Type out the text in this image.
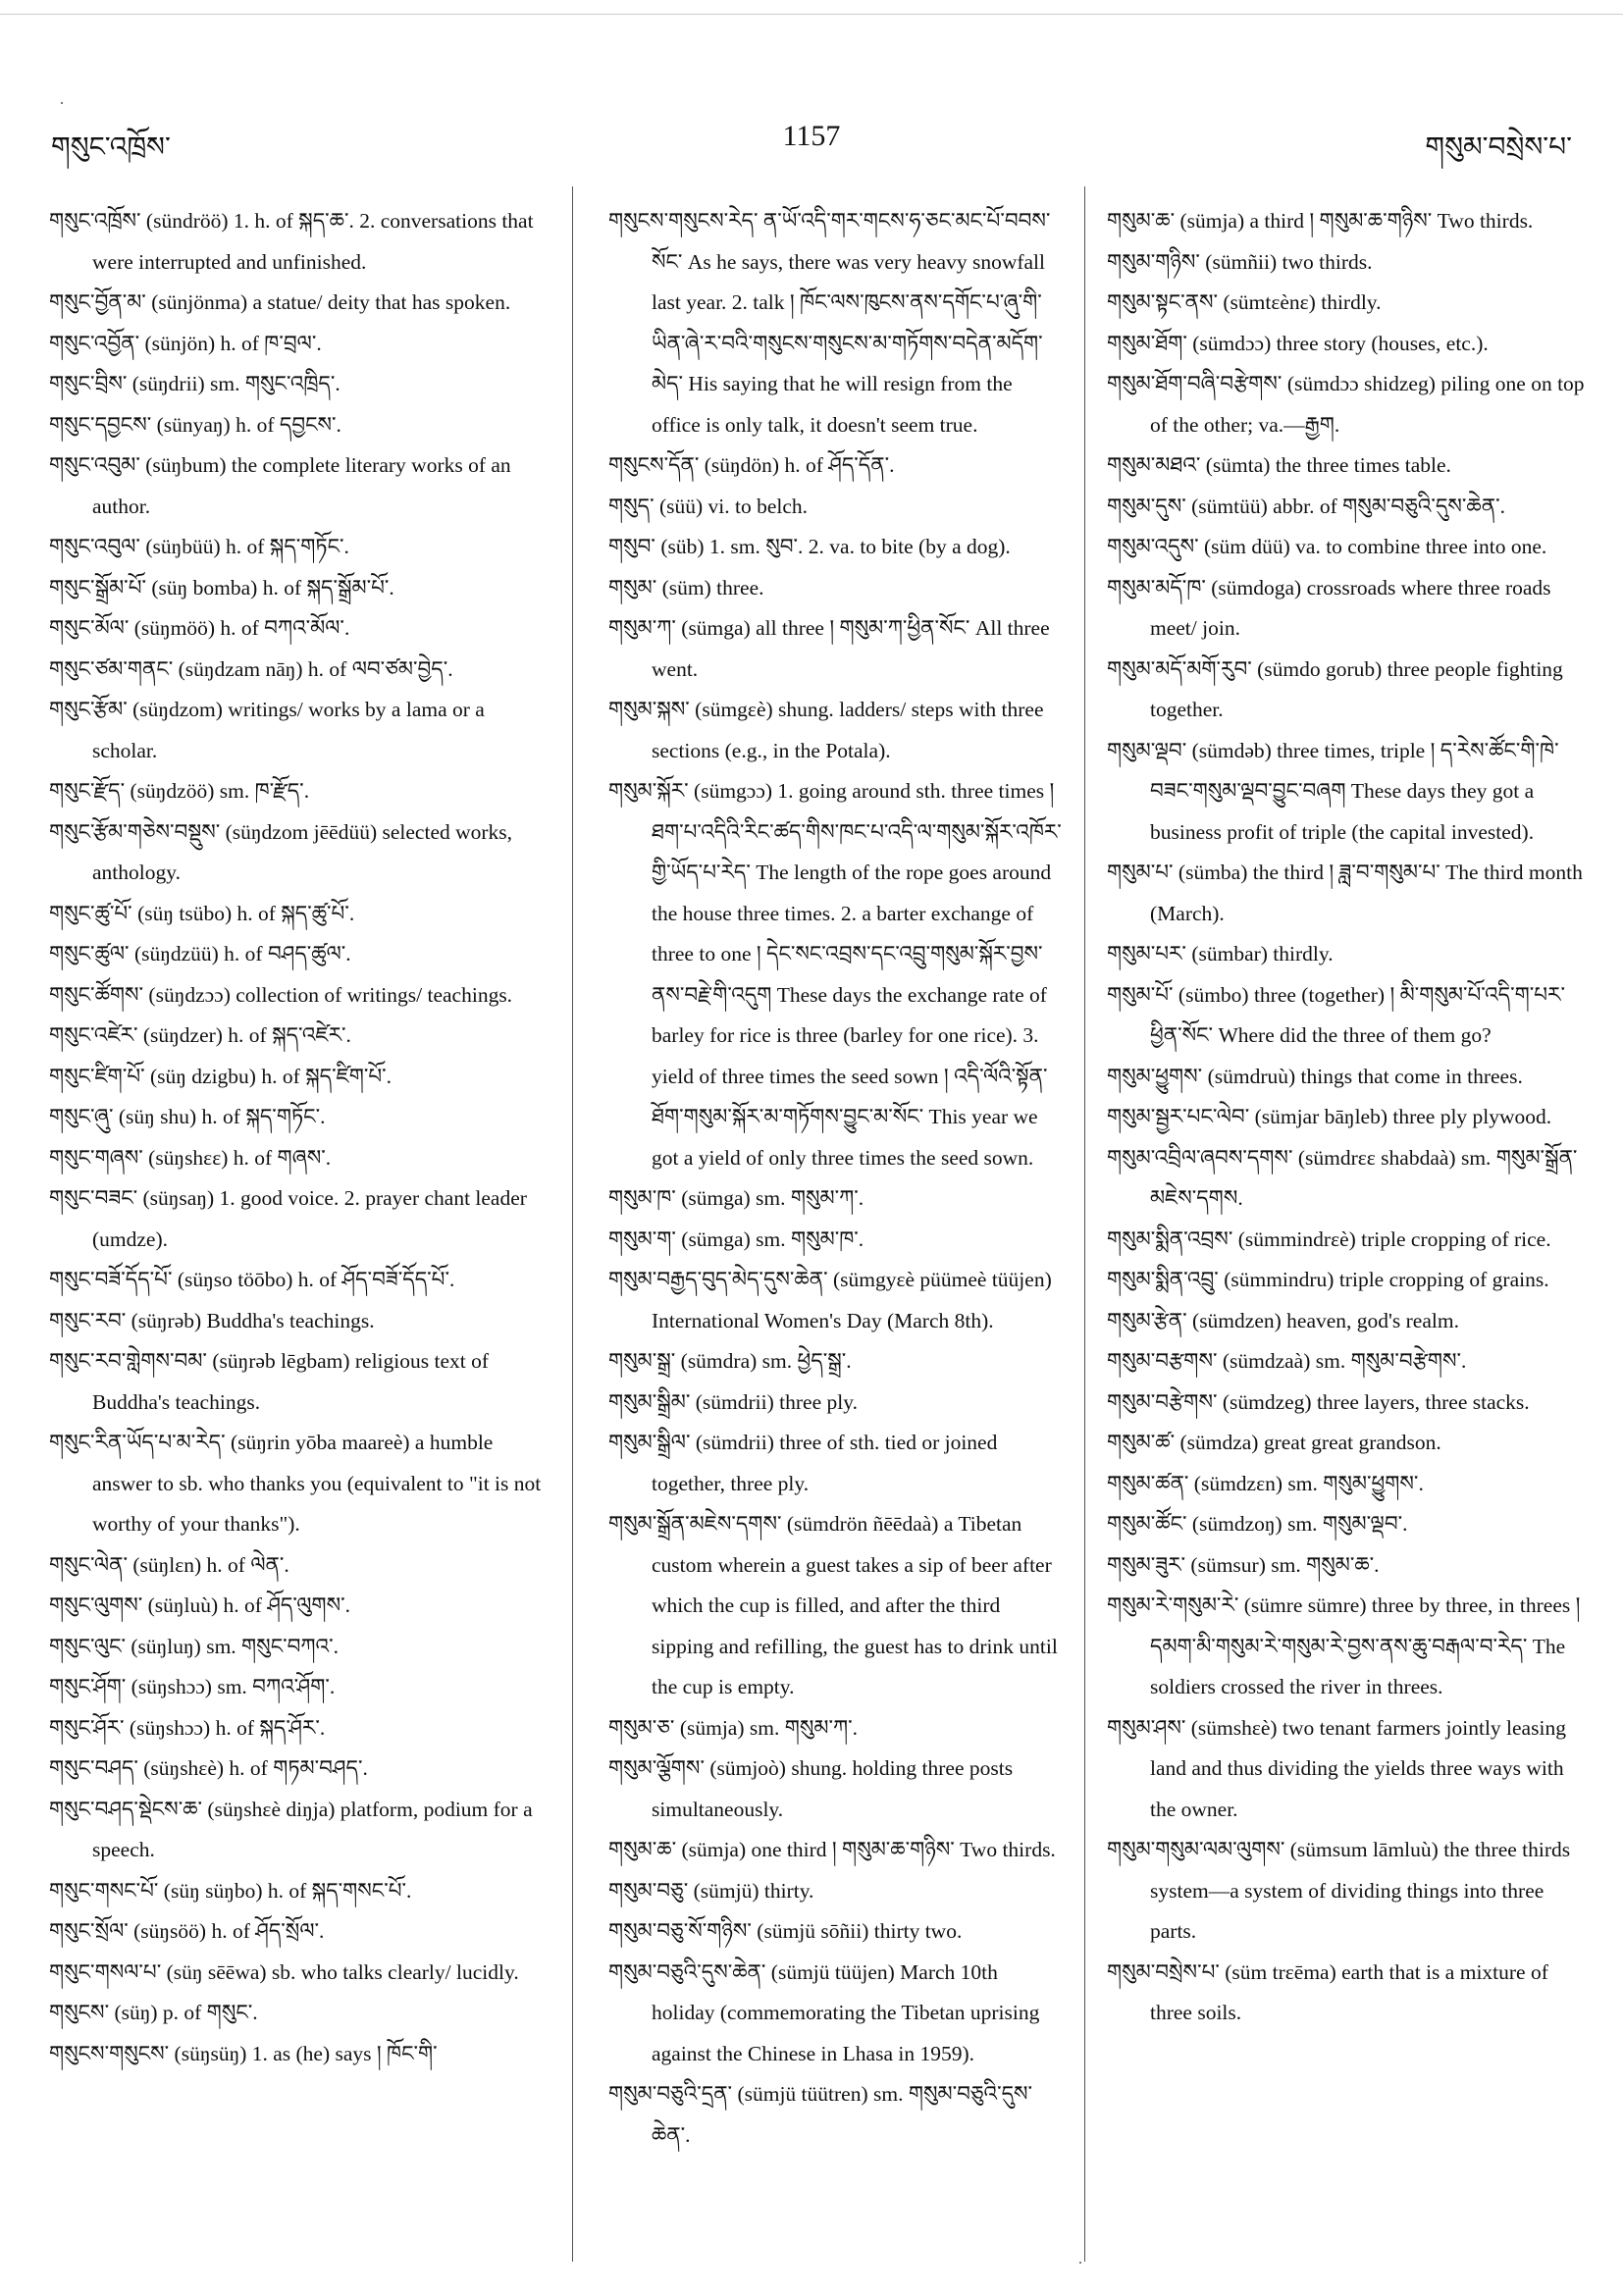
·
·
གསུང་འཁྲོས་	1157	གསུམ་བསྲེས་པ་

གསུང་འཁྲོས་ (sündröö) 1. h. of སྐད་ཆ་. 2. conversations that were interrupted and unfinished.

གསུང་བྱོན་མ་ (sünjönma) a statue/ deity that has spoken.

གསུང་འབྱོན་ (sünjön) h. of ཁ་བྲལ་.

གསུང་བྲིས་ (süŋdrii) sm. གསུང་འཁྲིད་.

གསུང་དབྱངས་ (sünyaŋ) h. of དབྱངས་.

གསུང་འབུམ་ (süŋbum) the complete literary works of an author.

གསུང་འབུལ་ (süŋbüü) h. of སྐད་གཏོང་.

གསུང་སྒྲོམ་པོ་ (süŋ bomba) h. of སྐད་སྒྲོམ་པོ་.

གསུང་མོལ་ (süŋmöö) h. of བཀའ་མོལ་.

གསུང་ཙམ་གནང་ (süŋdzam nāŋ) h. of ལབ་ཙམ་བྱེད་.

གསུང་རྩོམ་ (süŋdzom) writings/ works by a lama or a scholar.

གསུང་རྫོད་ (süŋdzöö) sm. ཁ་རྫོད་.

གསུང་རྩོམ་གཅེས་བསྡུས་ (süŋdzom jēēdüü) selected works, anthology.

གསུང་ཚུ་པོ་ (süŋ tsübo) h. of སྐད་ཚུ་པོ་.

གསུང་ཚུལ་ (süŋdzüü) h. of བཤད་ཚུལ་.

གསུང་ཚོགས་ (süŋdzɔɔ) collection of writings/ teachings.

གསུང་འཛེར་ (süŋdzer) h. of སྐད་འཛེར་.

གསུང་ཛིག་པོ་ (süŋ dzigbu) h. of སྐད་ཛིག་པོ་.

གསུང་ཞུ་ (süŋ shu) h. of སྐད་གཏོང་.

གསུང་གཞས་ (süŋshεε) h. of གཞས་.

གསུང་བཟང་ (süŋsaŋ) 1. good voice. 2. prayer chant leader (umdze).

གསུང་བཟོ་དོད་པོ་ (süŋso töōbo) h. of ཤོད་བཟོ་དོད་པོ་.

གསུང་རབ་ (süŋrəb) Buddha's teachings.

གསུང་རབ་གླེགས་བམ་ (süŋrəb lēgbam) religious text of Buddha's teachings.

གསུང་རིན་ཡོད་པ་མ་རེད་ (süŋrin yōba maareè) a humble answer to sb. who thanks you (equivalent to "it is not worthy of your thanks").

གསུང་ལེན་ (süŋlεn) h. of ལེན་.

གསུང་ལུགས་ (süŋluù) h. of ཤོད་ལུགས་.

གསུང་ལུང་ (süŋluŋ) sm. གསུང་བཀའ་.

གསུང་ཤོག་ (süŋshɔɔ) sm. བཀའ་ཤོག་.

གསུང་ཤོར་ (süŋshɔɔ) h. of སྐད་ཤོར་.

གསུང་བཤད་ (süŋshεè) h. of གཏམ་བཤད་.

གསུང་བཤད་སྡེངས་ཆ་ (süŋshεè diŋja) platform, podium for a speech.

གསུང་གསང་པོ་ (süŋ süŋbo) h. of སྐད་གསང་པོ་.

གསུང་སྲོལ་ (süŋsöö) h. of ཤོད་སྲོལ་.

གསུང་གསལ་པ་ (süŋ sēēwa) sb. who talks clearly/ lucidly.

གསུངས་ (süŋ) p. of གསུང་.

གསུངས་གསུངས་ (süŋsüŋ) 1. as (he) says ། ཁོང་གི་

གསུངས་གསུངས་རེད་ ན་ཡོ་འདི་གར་གངས་ཧ་ཅང་མང་པོ་བབས་སོང་ As he says, there was very heavy snowfall last year. 2. talk ། ཁོང་ལས་ཁུངས་ནས་དགོང་པ་ཞུ་གི་ཡིན་ཞེ་ར་བའི་གསུངས་གསུངས་མ་གཏོགས་བདེན་མདོག་མེད་ His saying that he will resign from the office is only talk, it doesn't seem true.

གསུངས་དོན་ (süŋdön) h. of ཤོད་དོན་.

གསུད་ (süü) vi. to belch.

གསུབ་ (süb) 1. sm. སུབ་. 2. va. to bite (by a dog).

གསུམ་ (süm) three.

གསུམ་ཀ་ (sümga) all three ། གསུམ་ཀ་ཕྱིན་སོང་ All three went.

གསུམ་སྐས་ (sümgεè) shung. ladders/ steps with three sections (e.g., in the Potala).

གསུམ་སྐོར་ (sümgɔɔ) 1. going around sth. three times ། ཐག་པ་འདིའི་རིང་ཚད་གིས་ཁང་པ་འདི་ལ་གསུམ་སྐོར་འཁོར་གྱི་ཡོད་པ་རེད་ The length of the rope goes around the house three times. 2. a barter exchange of three to one ། དེང་སང་འབྲས་དང་འབྲུ་གསུམ་སྐོར་བྱས་ནས་བརྗེ་གི་འདུག These days the exchange rate of barley for rice is three (barley for one rice). 3. yield of three times the seed sown ། འདི་ལོའི་སྟོན་ཐོག་གསུམ་སྐོར་མ་གཏོགས་བྱུང་མ་སོང་ This year we got a yield of only three times the seed sown.

གསུམ་ཁ་ (sümga) sm. གསུམ་ཀ་.

གསུམ་ག་ (sümga) sm. གསུམ་ཁ་.

གསུམ་བརྒྱད་བུད་མེད་དུས་ཆེན་ (sümgyεè püümeè tüüjen) International Women's Day (March 8th).

གསུམ་སྒྲ་ (sümdra) sm. ཕྱེད་སྒྲ་.

གསུམ་སྒྲིམ་ (sümdrii) three ply.

གསུམ་སྒྲིལ་ (sümdrii) three of sth. tied or joined together, three ply.

གསུམ་སྒྲོན་མཇེས་དགས་ (sümdrön ñēēdaà) a Tibetan custom wherein a guest takes a sip of beer after which the cup is filled, and after the third sipping and refilling, the guest has to drink until the cup is empty.

གསུམ་ཅ་ (sümja) sm. གསུམ་ཀ་.

གསུམ་ལྕོགས་ (sümjoò) shung. holding three posts simultaneously.

གསུམ་ཆ་ (sümja) one third ། གསུམ་ཆ་གཉིས་ Two thirds.

གསུམ་བཅུ་ (sümjü) thirty.

གསུམ་བཅུ་སོ་གཉིས་ (sümjü sōñii) thirty two.

གསུམ་བཅུའི་དུས་ཆེན་ (sümjü tüüjen) March 10th holiday (commemorating the Tibetan uprising against the Chinese in Lhasa in 1959).

གསུམ་བཅུའི་དྲན་ (sümjü tüütren) sm. གསུམ་བཅུའི་དུས་ཆེན་.

གསུམ་ཆ་ (sümja) a third ། གསུམ་ཆ་གཉིས་ Two thirds.

གསུམ་གཉིས་ (sümñii) two thirds.

གསུམ་སྟང་ནས་ (sümtεènε) thirdly.

གསུམ་ཐོག་ (sümdɔɔ) three story (houses, etc.).

གསུམ་ཐོག་བཞི་བརྩེགས་ (sümdɔɔ shidzeg) piling one on top of the other; va.—རྒྱག.

གསུམ་མཐའ་ (sümta) the three times table.

གསུམ་དུས་ (sümtüü) abbr. of གསུམ་བཅུའི་དུས་ཆེན་.

གསུམ་འདུས་ (süm düü) va. to combine three into one.

གསུམ་མདོ་ཁ་ (sümdoga) crossroads where three roads meet/ join.

གསུམ་མདོ་མགོ་རུབ་ (sümdo gorub) three people fighting together.

གསུམ་ལྡབ་ (sümdəb) three times, triple ། ད་རེས་ཚོང་གི་ཁེ་བཟང་གསུམ་ལྡབ་བྱུང་བཞག These days they got a business profit of triple (the capital invested).

གསུམ་པ་ (sümba) the third ། ཟླ་བ་གསུམ་པ་ The third month (March).

གསུམ་པར་ (sümbar) thirdly.

གསུམ་པོ་ (sümbo) three (together) ། མི་གསུམ་པོ་འདི་ག་པར་ཕྱིན་སོང་ Where did the three of them go?

གསུམ་ཕྱུགས་ (sümdruù) things that come in threes.

གསུམ་སྦྱར་པང་ལེབ་ (sümjar bāŋleb) three ply plywood.

གསུམ་འབྲིལ་ཞབས་དགས་ (sümdrεε shabdaà) sm. གསུམ་སྒྲོན་མཇེས་དགས.

གསུམ་སྨིན་འབྲས་ (sümmindrεè) triple cropping of rice.

གསུམ་སྨིན་འབྲུ་ (sümmindru) triple cropping of grains.

གསུམ་རྩེན་ (sümdzen) heaven, god's realm.

གསུམ་བརྩགས་ (sümdzaà) sm. གསུམ་བརྩེགས་.

གསུམ་བརྩེགས་ (sümdzeg) three layers, three stacks.

གསུམ་ཚ་ (sümdza) great great grandson.

གསུམ་ཚན་ (sümdzεn) sm. གསུམ་ཕྱུགས་.

གསུམ་ཚོང་ (sümdzoŋ) sm. གསུམ་ལྡབ་.

གསུམ་ཟུར་ (sümsur) sm. གསུམ་ཆ་.

གསུམ་རེ་གསུམ་རེ་ (sümre sümre) three by three, in threes ། དམག་མི་གསུམ་རེ་གསུམ་རེ་བྱས་ནས་ཆུ་བརྒལ་བ་རེད་ The soldiers crossed the river in threes.

གསུམ་ཤས་ (sümshεè) two tenant farmers jointly leasing land and thus dividing the yields three ways with the owner.

གསུམ་གསུམ་ལམ་ལུགས་ (sümsum lāmluù) the three thirds system—a system of dividing things into three parts.

གསུམ་བསྲེས་པ་ (süm trεēma) earth that is a mixture of three soils.
